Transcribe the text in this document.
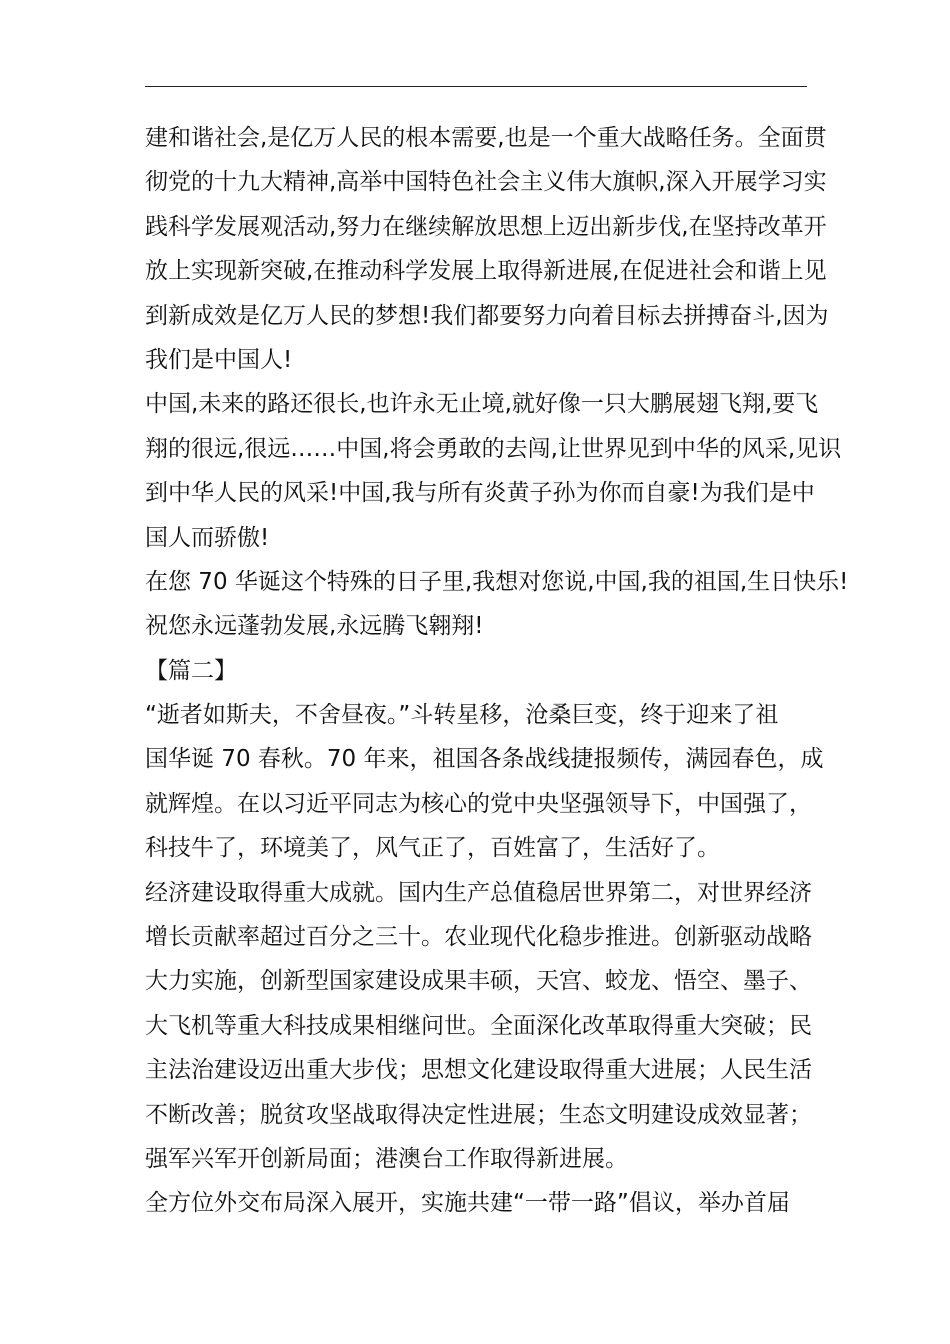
建和谐社会,是亿万人民的根本需要,也是一个重大战略任务。全面贯
彻党的十九大精神,高举中国特色社会主义伟大旗帜,深入开展学习实
践科学发展观活动,努力在继续解放思想上迈出新步伐,在坚持改革开
放上实现新突破,在推动科学发展上取得新进展,在促进社会和谐上见
到新成效是亿万人民的梦想!我们都要努力向着目标去拼搏奋斗,因为
我们是中国人!
中国,未来的路还很长,也许永无止境,就好像一只大鹏展翅飞翔,要飞
翔的很远,很远……中国,将会勇敢的去闯,让世界见到中华的风采,见识
到中华人民的风采!中国,我与所有炎黄子孙为你而自豪!为我们是中
国人而骄傲!
在您 70 华诞这个特殊的日子里,我想对您说,中国,我的祖国,生日快乐!
祝您永远蓬勃发展,永远腾飞翱翔!
【篇二】
“逝者如斯夫，不舍昼夜。”斗转星移，沧桑巨变，终于迎来了祖
国华诞 70 春秋。70 年来，祖国各条战线捷报频传，满园春色，成
就辉煌。在以习近平同志为核心的党中央坚强领导下，中国强了，
科技牛了，环境美了，风气正了，百姓富了，生活好了。
经济建设取得重大成就。国内生产总值稳居世界第二，对世界经济
增长贡献率超过百分之三十。农业现代化稳步推进。创新驱动战略
大力实施，创新型国家建设成果丰硕，天宫、蛟龙、悟空、墨子、
大飞机等重大科技成果相继问世。全面深化改革取得重大突破；民
主法治建设迈出重大步伐；思想文化建设取得重大进展；人民生活
不断改善；脱贫攻坚战取得决定性进展；生态文明建设成效显著；
强军兴军开创新局面；港澳台工作取得新进展。
全方位外交布局深入展开，实施共建“一带一路”倡议，举办首届
